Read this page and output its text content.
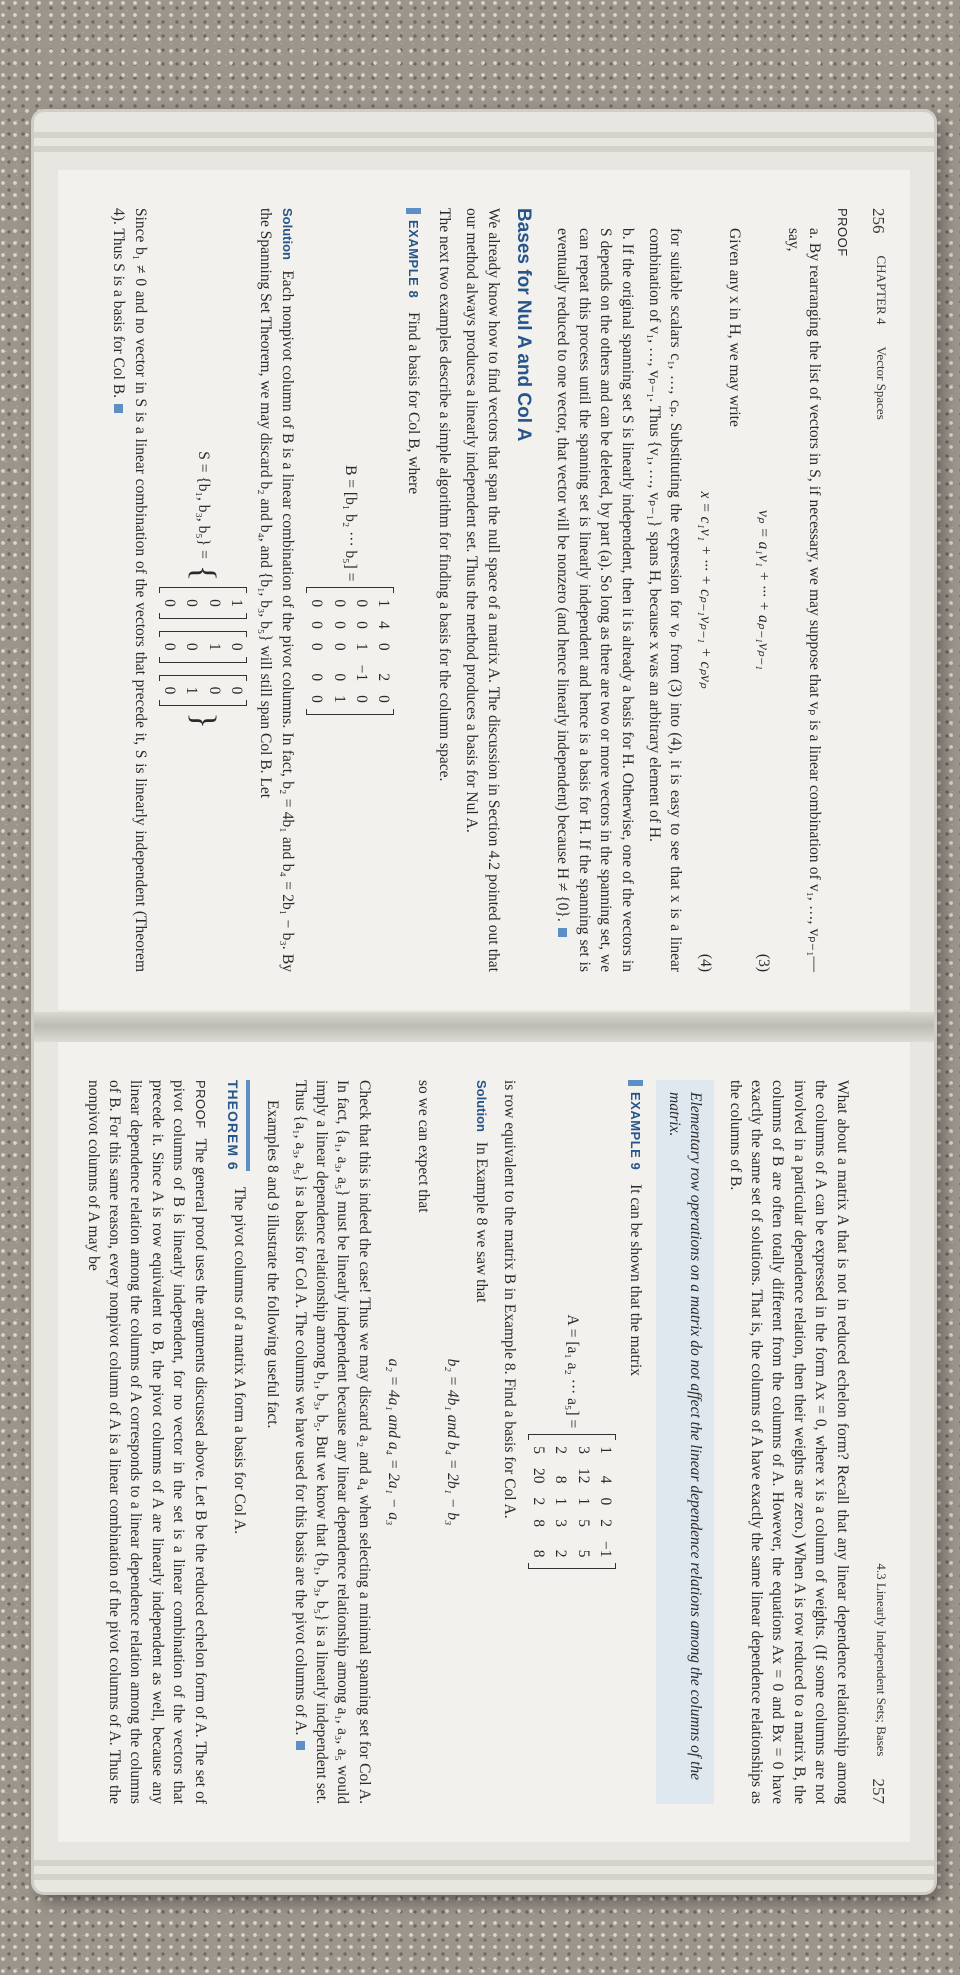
256
CHAPTER 4
Vector Spaces

PROOF

a. By rearranging the list of vectors in S, if necessary, we may suppose that vₚ is a linear combination of v₁, …, vₚ₋₁—say,

vₚ = a₁v₁ + ··· + aₚ₋₁vₚ₋₁
(3)

Given any x in H, we may write

x = c₁v₁ + ··· + cₚ₋₁vₚ₋₁ + cₚvₚ
(4)

for suitable scalars c₁, …, cₚ. Substituting the expression for vₚ from (3) into (4), it is easy to see that x is a linear combination of v₁, …, vₚ₋₁. Thus {v₁, …, vₚ₋₁} spans H, because x was an arbitrary element of H.

b. If the original spanning set S is linearly independent, then it is already a basis for H. Otherwise, one of the vectors in S depends on the others and can be deleted, by part (a). So long as there are two or more vectors in the spanning set, we can repeat this process until the spanning set is linearly independent and hence is a basis for H. If the spanning set is eventually reduced to one vector, that vector will be nonzero (and hence linearly independent) because H ≠ {0}.

Bases for Nul A and Col A

We already know how to find vectors that span the null space of a matrix A. The discussion in Section 4.2 pointed out that our method always produces a linearly independent set. Thus the method produces a basis for Nul A.

The next two examples describe a simple algorithm for finding a basis for the column space.

EXAMPLE 8 Find a basis for Col B, where

B = [b₁ b₂ ··· b₅] =
1
4
0
2
0
0
0
1
−1
0
0
0
0
0
1
0
0
0
0
0

Solution Each nonpivot column of B is a linear combination of the pivot columns. In fact, b₂ = 4b₁ and b₄ = 2b₁ − b₃. By the Spanning Set Theorem, we may discard b₂ and b₄, and {b₁, b₃, b₅} will still span Col B. Let

S = {b₁, b₃, b₅} =
{
1
0
0
0
0
1
0
0
0
0
1
0
}

Since b₁ ≠ 0 and no vector in S is a linear combination of the vectors that precede it, S is linearly independent (Theorem 4). Thus S is a basis for Col B.

4.3 Linearly Independent Sets; Bases
257

What about a matrix A that is not in reduced echelon form? Recall that any linear dependence relationship among the columns of A can be expressed in the form Ax = 0, where x is a column of weights. (If some columns are not involved in a particular dependence relation, then their weights are zero.) When A is row reduced to a matrix B, the columns of B are often totally different from the columns of A. However, the equations Ax = 0 and Bx = 0 have exactly the same set of solutions. That is, the columns of A have exactly the same linear dependence relationships as the columns of B.

Elementary row operations on a matrix do not affect the linear dependence relations among the columns of the matrix.

EXAMPLE 9 It can be shown that the matrix

A = [a₁ a₂ ··· a₅] =
1
4
0
2
−1
3
12
1
5
5
2
8
1
3
2
5
20
2
8
8

is row equivalent to the matrix B in Example 8. Find a basis for Col A.

Solution In Example 8 we saw that

b₂ = 4b₁ and b₄ = 2b₁ − b₃

so we can expect that

a₂ = 4a₁ and a₄ = 2a₁ − a₃

Check that this is indeed the case! Thus we may discard a₂ and a₄ when selecting a minimal spanning set for Col A. In fact, {a₁, a₃, a₅} must be linearly independent because any linear dependence relationship among a₁, a₃, a₅ would imply a linear dependence relationship among b₁, b₃, b₅. But we know that {b₁, b₃, b₅} is a linearly independent set. Thus {a₁, a₃, a₅} is a basis for Col A. The columns we have used for this basis are the pivot columns of A.

Examples 8 and 9 illustrate the following useful fact.

THEOREM 6
The pivot columns of a matrix A form a basis for Col A.

PROOF The general proof uses the arguments discussed above. Let B be the reduced echelon form of A. The set of pivot columns of B is linearly independent, for no vector in the set is a linear combination of the vectors that precede it. Since A is row equivalent to B, the pivot columns of A are linearly independent as well, because any linear dependence relation among the columns of A corresponds to a linear dependence relation among the columns of B. For this same reason, every nonpivot column of A is a linear combination of the pivot columns of A. Thus the nonpivot columns of A may be
